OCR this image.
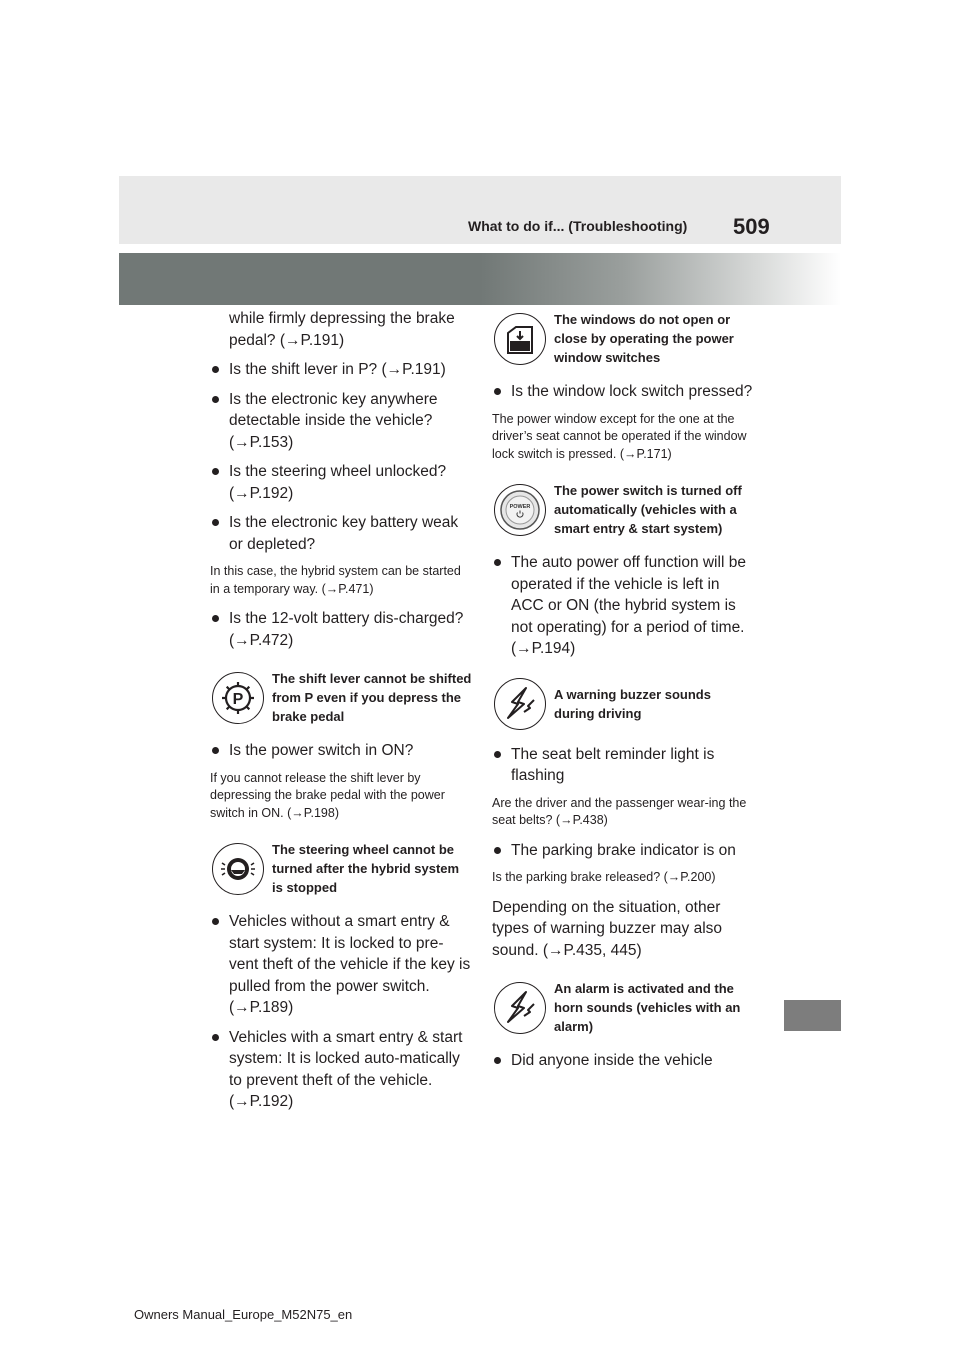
What to do if... (Troubleshooting) 509

while firmly depressing the brake pedal? (→P.191)

Is the shift lever in P? (→P.191)

Is the electronic key anywhere detectable inside the vehicle? (→P.153)

Is the steering wheel unlocked? (→P.192)

Is the electronic key battery weak or depleted?

In this case, the hybrid system can be started in a temporary way. (→P.471)

Is the 12-volt battery dis-charged? (→P.472)

P
The shift lever cannot be shifted from P even if you depress the brake pedal

Is the power switch in ON?

If you cannot release the shift lever by depressing the brake pedal with the power switch in ON. (→P.198)

The steering wheel cannot be turned after the hybrid system is stopped

Vehicles without a smart entry & start system: It is locked to pre-vent theft of the vehicle if the key is pulled from the power switch. (→P.189)

Vehicles with a smart entry & start system: It is locked auto-matically to prevent theft of the vehicle. (→P.192)

The windows do not open or close by operating the power window switches

Is the window lock switch pressed?

The power window except for the one at the driver’s seat cannot be operated if the window lock switch is pressed. (→P.171)

POWER
The power switch is turned off automatically (vehicles with a smart entry & start system)

The auto power off function will be operated if the vehicle is left in ACC or ON (the hybrid system is not operating) for a period of time. (→P.194)

A warning buzzer sounds during driving

The seat belt reminder light is flashing

Are the driver and the passenger wear-ing the seat belts? (→P.438)

The parking brake indicator is on

Is the parking brake released? (→P.200)

Depending on the situation, other types of warning buzzer may also sound. (→P.435, 445)

An alarm is activated and the horn sounds (vehicles with an alarm)

Did anyone inside the vehicle

Owners Manual_Europe_M52N75_en
